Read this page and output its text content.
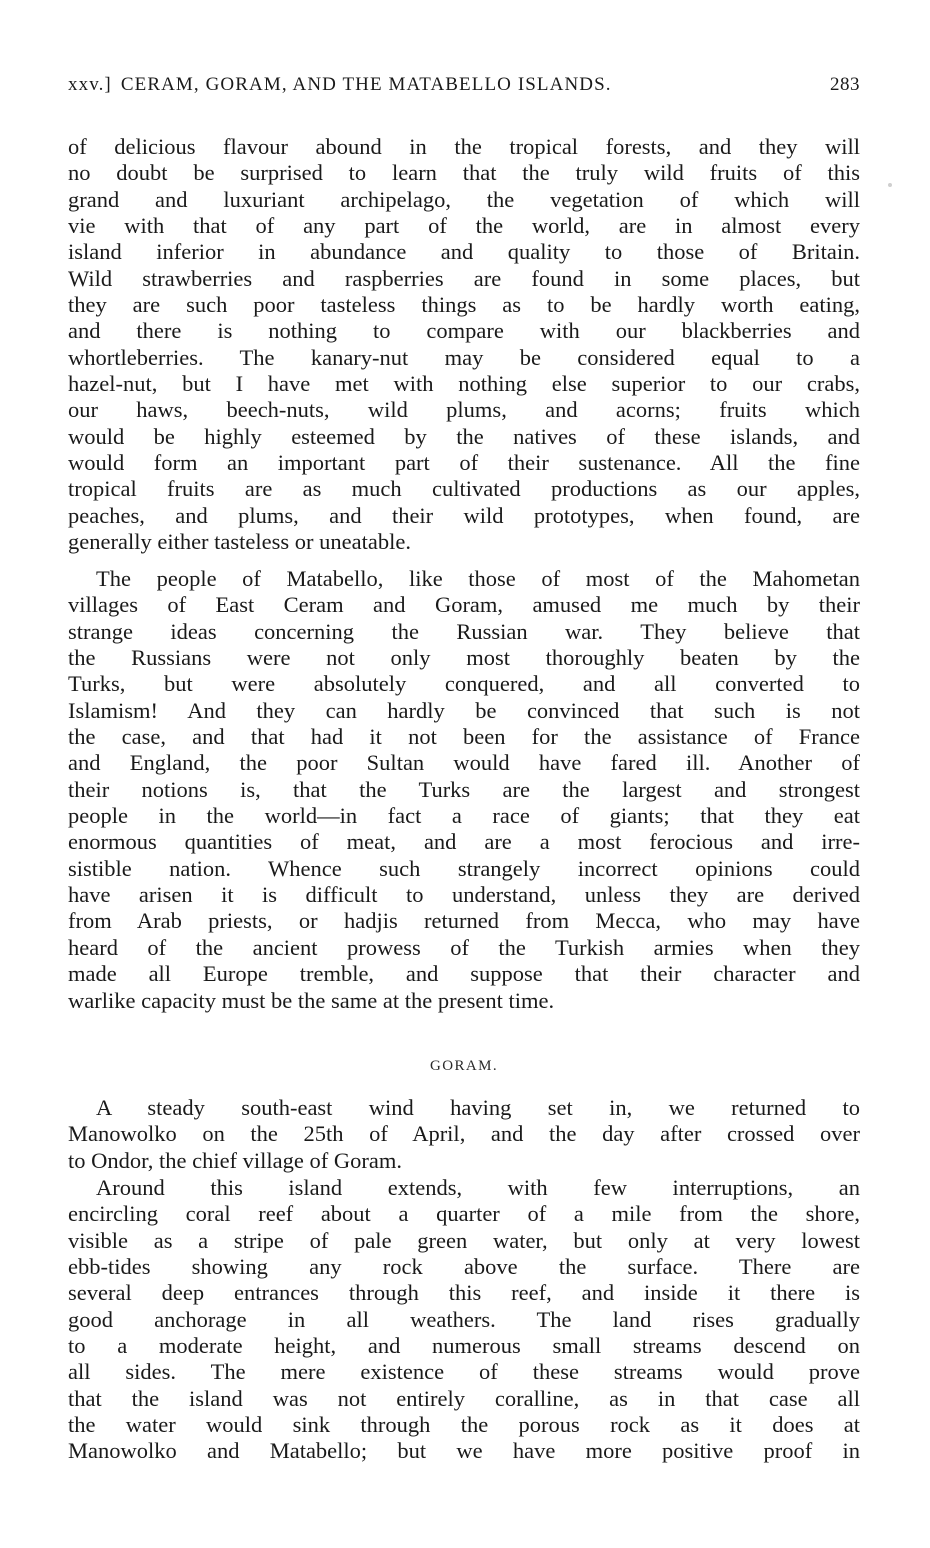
xxv.] CERAM, GORAM, AND THE MATABELLO ISLANDS.	283
of delicious flavour abound in the tropical forests, and they will
no doubt be surprised to learn that the truly wild fruits of this
grand and luxuriant archipelago, the vegetation of which will
vie with that of any part of the world, are in almost every
island inferior in abundance and quality to those of Britain.
Wild strawberries and raspberries are found in some places, but
they are such poor tasteless things as to be hardly worth eating,
and there is nothing to compare with our blackberries and
whortleberries. The kanary-nut may be considered equal to a
hazel-nut, but I have met with nothing else superior to our crabs,
our haws, beech-nuts, wild plums, and acorns; fruits which
would be highly esteemed by the natives of these islands, and
would form an important part of their sustenance. All the fine
tropical fruits are as much cultivated productions as our apples,
peaches, and plums, and their wild prototypes, when found, are
generally either tasteless or uneatable.
The people of Matabello, like those of most of the Mahometan
villages of East Ceram and Goram, amused me much by their
strange ideas concerning the Russian war. They believe that
the Russians were not only most thoroughly beaten by the
Turks, but were absolutely conquered, and all converted to
Islamism! And they can hardly be convinced that such is not
the case, and that had it not been for the assistance of France
and England, the poor Sultan would have fared ill. Another of
their notions is, that the Turks are the largest and strongest
people in the world—in fact a race of giants; that they eat
enormous quantities of meat, and are a most ferocious and irre-
sistible nation. Whence such strangely incorrect opinions could
have arisen it is difficult to understand, unless they are derived
from Arab priests, or hadjis returned from Mecca, who may have
heard of the ancient prowess of the Turkish armies when they
made all Europe tremble, and suppose that their character and
warlike capacity must be the same at the present time.
GORAM.
A steady south-east wind having set in, we returned to
Manowolko on the 25th of April, and the day after crossed over
to Ondor, the chief village of Goram.
Around this island extends, with few interruptions, an
encircling coral reef about a quarter of a mile from the shore,
visible as a stripe of pale green water, but only at very lowest
ebb-tides showing any rock above the surface. There are
several deep entrances through this reef, and inside it there is
good anchorage in all weathers. The land rises gradually
to a moderate height, and numerous small streams descend on
all sides. The mere existence of these streams would prove
that the island was not entirely coralline, as in that case all
the water would sink through the porous rock as it does at
Manowolko and Matabello; but we have more positive proof in
